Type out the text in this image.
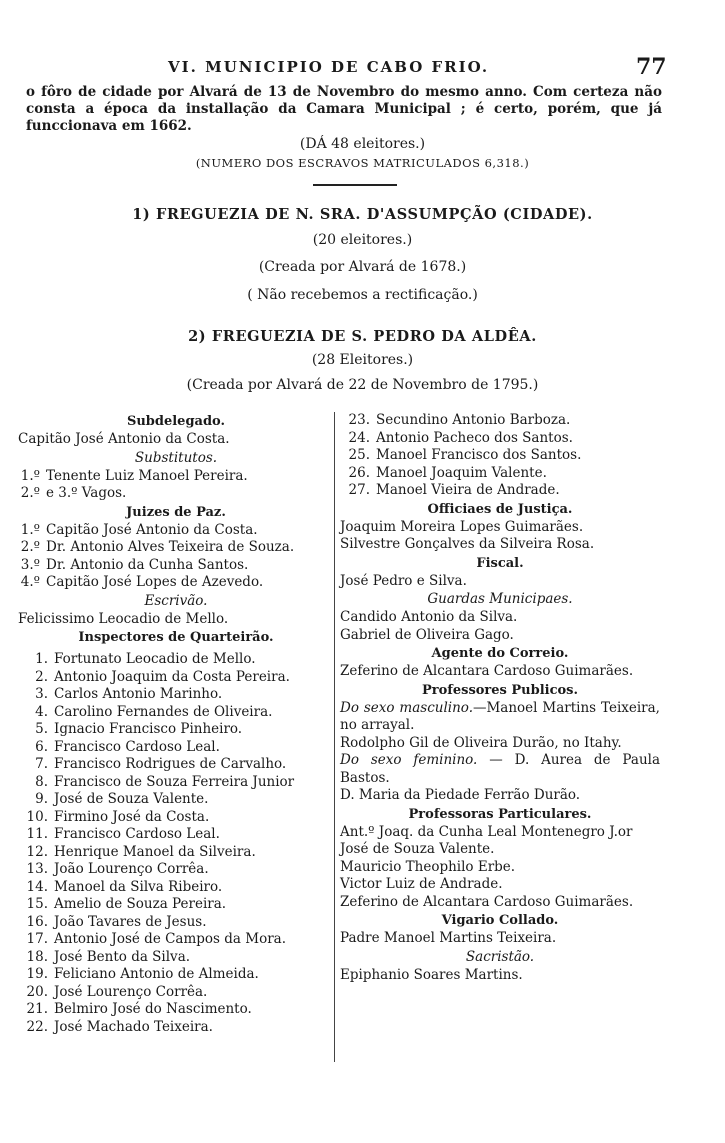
VI. MUNICIPIO DE CABO FRIO.	77
o fôro de cidade por Alvará de 13 de Novembro do mesmo anno. Com certeza não consta a época da installação da Camara Municipal ; é certo, porém, que já funccionava em 1662.
(DÁ 48 eleitores.)
(NUMERO DOS ESCRAVOS MATRICULADOS 6,318.)
1) FREGUEZIA DE N. SRA. D'ASSUMPÇÃO (CIDADE).
(20 eleitores.)
(Creada por Alvará de 1678.)
( Não recebemos a rectificação.)
2) FREGUEZIA DE S. PEDRO DA ALDÊA.
(28 Eleitores.)
(Creada por Alvará de 22 de Novembro de 1795.)
Subdelegado.
Capitão José Antonio da Costa.
Substitutos.
1.º Tenente Luiz Manoel Pereira.
2.º e 3.º Vagos.
Juizes de Paz.
1.º Capitão José Antonio da Costa.
2.º Dr. Antonio Alves Teixeira de Souza.
3.º Dr. Antonio da Cunha Santos.
4.º Capitão José Lopes de Azevedo.
Escrivão.
Felicissimo Leocadio de Mello.
Inspectores de Quarteirão.
1. Fortunato Leocadio de Mello.
2. Antonio Joaquim da Costa Pereira.
3. Carlos Antonio Marinho.
4. Carolino Fernandes de Oliveira.
5. Ignacio Francisco Pinheiro.
6. Francisco Cardoso Leal.
7. Francisco Rodrigues de Carvalho.
8. Francisco de Souza Ferreira Junior
9. José de Souza Valente.
10. Firmino José da Costa.
11. Francisco Cardoso Leal.
12. Henrique Manoel da Silveira.
13. João Lourenço Corrêa.
14. Manoel da Silva Ribeiro.
15. Amelio de Souza Pereira.
16. João Tavares de Jesus.
17. Antonio José de Campos da Mora.
18. José Bento da Silva.
19. Feliciano Antonio de Almeida.
20. José Lourenço Corrêa.
21. Belmiro José do Nascimento.
22. José Machado Teixeira.
23. Secundino Antonio Barboza.
24. Antonio Pacheco dos Santos.
25. Manoel Francisco dos Santos.
26. Manoel Joaquim Valente.
27. Manoel Vieira de Andrade.
Officiaes de Justiça.
Joaquim Moreira Lopes Guimarães.
Silvestre Gonçalves da Silveira Rosa.
Fiscal.
José Pedro e Silva.
Guardas Municipaes.
Candido Antonio da Silva.
Gabriel de Oliveira Gago.
Agente do Correio.
Zeferino de Alcantara Cardoso Guimarães.
Professores Publicos.
Do sexo masculino.—Manoel Martins Teixeira, no arrayal.
Rodolpho Gil de Oliveira Durão, no Itahy.
Do sexo feminino. — D. Aurea de Paula Bastos.
D. Maria da Piedade Ferrão Durão.
Professoras Particulares.
Ant.º Joaq. da Cunha Leal Montenegro J.or
José de Souza Valente.
Mauricio Theophilo Erbe.
Victor Luiz de Andrade.
Zeferino de Alcantara Cardoso Guimarães.
Vigario Collado.
Padre Manoel Martins Teixeira.
Sacristão.
Epiphanio Soares Martins.
